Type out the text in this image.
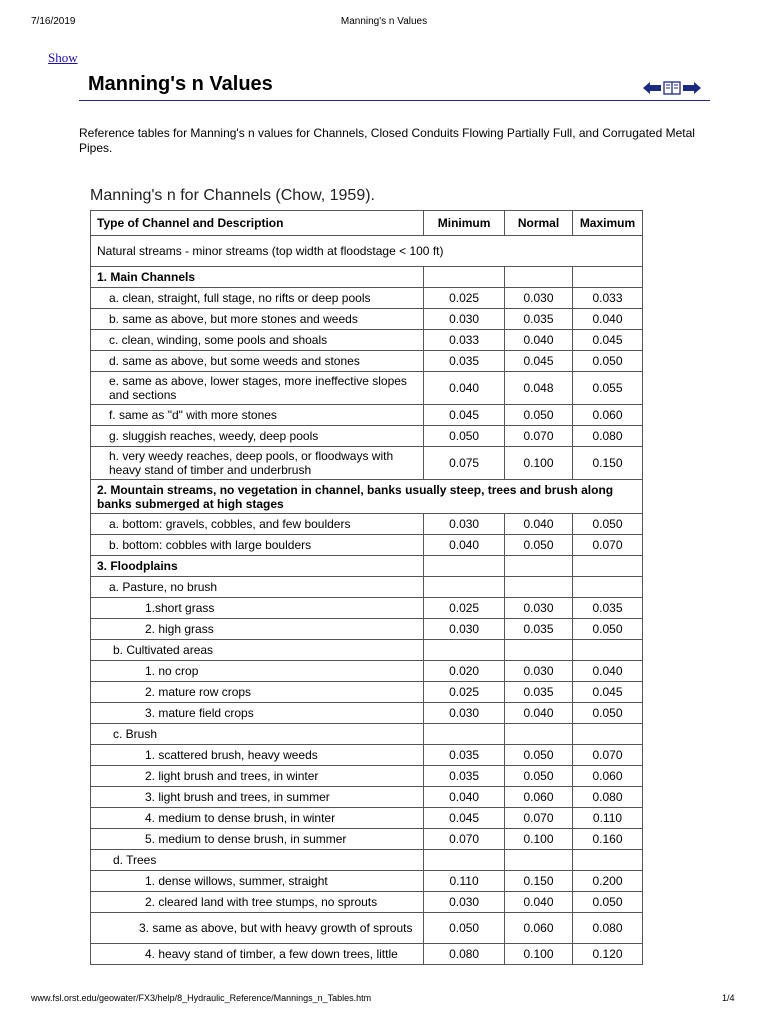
7/16/2019	Manning's n Values
Show
Manning's n Values

Reference tables for Manning's n values for Channels, Closed Conduits Flowing Partially Full, and Corrugated Metal Pipes.

Manning's n for Channels (Chow, 1959).
Type of Channel and Description	Minimum	Normal	Maximum
Natural streams - minor streams (top width at floodstage < 100 ft)			
1. Main Channels			
a. clean, straight, full stage, no rifts or deep pools	0.025	0.030	0.033
b. same as above, but more stones and weeds	0.030	0.035	0.040
c. clean, winding, some pools and shoals	0.033	0.040	0.045
d. same as above, but some weeds and stones	0.035	0.045	0.050
e. same as above, lower stages, more ineffective slopes and sections	0.040	0.048	0.055
f. same as "d" with more stones	0.045	0.050	0.060
g. sluggish reaches, weedy, deep pools	0.050	0.070	0.080
h. very weedy reaches, deep pools, or floodways with heavy stand of timber and underbrush	0.075	0.100	0.150
2. Mountain streams, no vegetation in channel, banks usually steep, trees and brush along banks submerged at high stages			
a. bottom: gravels, cobbles, and few boulders	0.030	0.040	0.050
b. bottom: cobbles with large boulders	0.040	0.050	0.070
3. Floodplains			
a. Pasture, no brush			
1.short grass	0.025	0.030	0.035
2. high grass	0.030	0.035	0.050
b. Cultivated areas			
1. no crop	0.020	0.030	0.040
2. mature row crops	0.025	0.035	0.045
3. mature field crops	0.030	0.040	0.050
c. Brush			
1. scattered brush, heavy weeds	0.035	0.050	0.070
2. light brush and trees, in winter	0.035	0.050	0.060
3. light brush and trees, in summer	0.040	0.060	0.080
4. medium to dense brush, in winter	0.045	0.070	0.110
5. medium to dense brush, in summer	0.070	0.100	0.160
d. Trees			
1. dense willows, summer, straight	0.110	0.150	0.200
2. cleared land with tree stumps, no sprouts	0.030	0.040	0.050
3. same as above, but with heavy growth of sprouts	0.050	0.060	0.080
4. heavy stand of timber, a few down trees, little	0.080	0.100	0.120
www.fsl.orst.edu/geowater/FX3/help/8_Hydraulic_Reference/Mannings_n_Tables.htm	1/4
